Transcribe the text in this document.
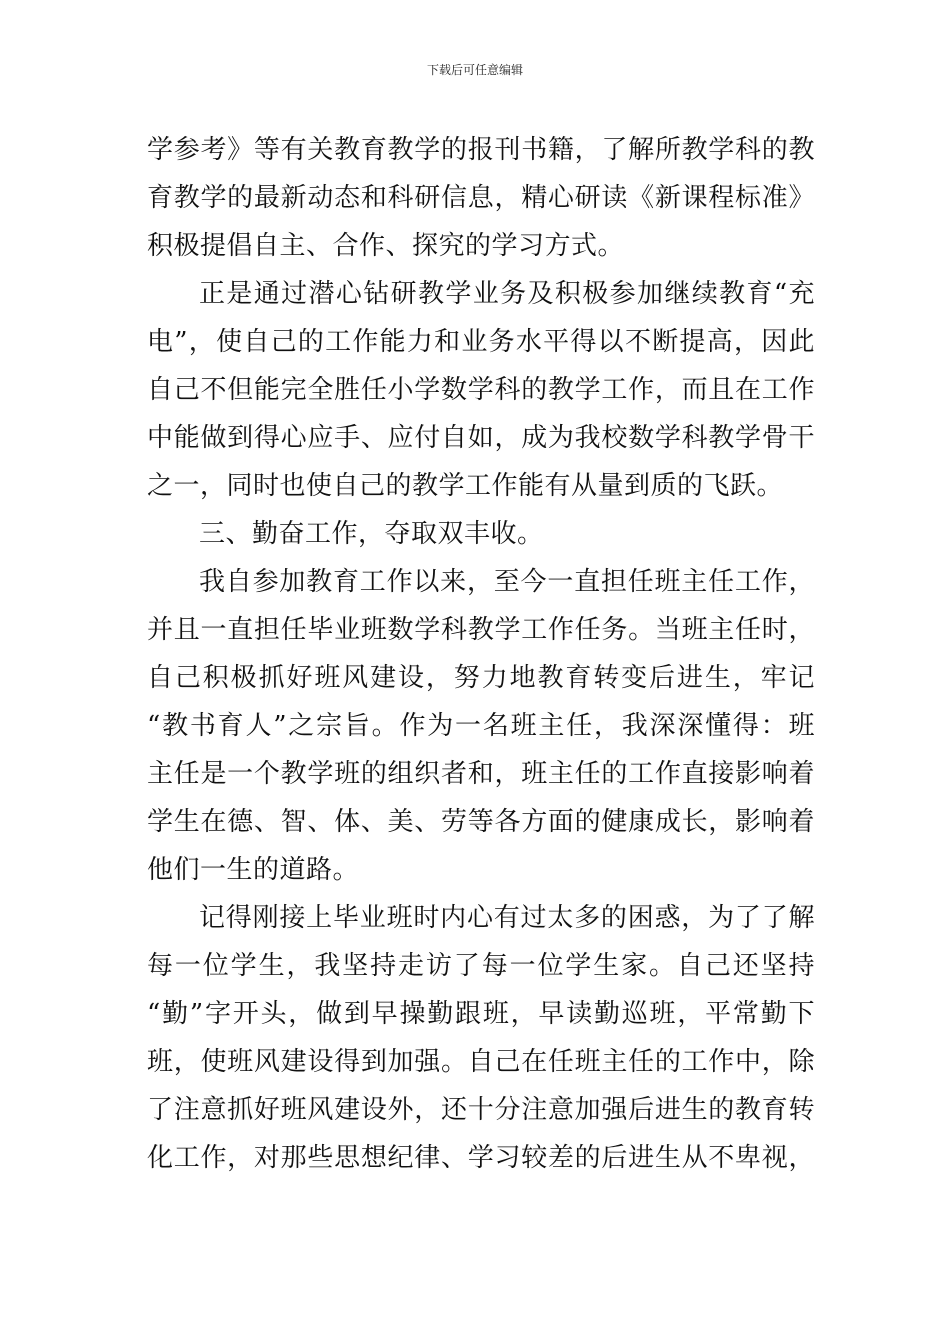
下载后可任意编辑
学参考》等有关教育教学的报刊书籍，了解所教学科的教
育教学的最新动态和科研信息，精心研读《新课程标准》
积极提倡自主、合作、探究的学习方式。
正是通过潜心钻研教学业务及积极参加继续教育“充
电”，使自己的工作能力和业务水平得以不断提高，因此
自己不但能完全胜任小学数学科的教学工作，而且在工作
中能做到得心应手、应付自如，成为我校数学科教学骨干
之一，同时也使自己的教学工作能有从量到质的飞跃。
三、勤奋工作，夺取双丰收。
我自参加教育工作以来，至今一直担任班主任工作，
并且一直担任毕业班数学科教学工作任务。当班主任时，
自己积极抓好班风建设，努力地教育转变后进生，牢记
“教书育人”之宗旨。作为一名班主任，我深深懂得：班
主任是一个教学班的组织者和，班主任的工作直接影响着
学生在德、智、体、美、劳等各方面的健康成长，影响着
他们一生的道路。
记得刚接上毕业班时内心有过太多的困惑，为了了解
每一位学生，我坚持走访了每一位学生家。自己还坚持
“勤”字开头，做到早操勤跟班，早读勤巡班，平常勤下
班，使班风建设得到加强。自己在任班主任的工作中，除
了注意抓好班风建设外，还十分注意加强后进生的教育转
化工作，对那些思想纪律、学习较差的后进生从不卑视，
